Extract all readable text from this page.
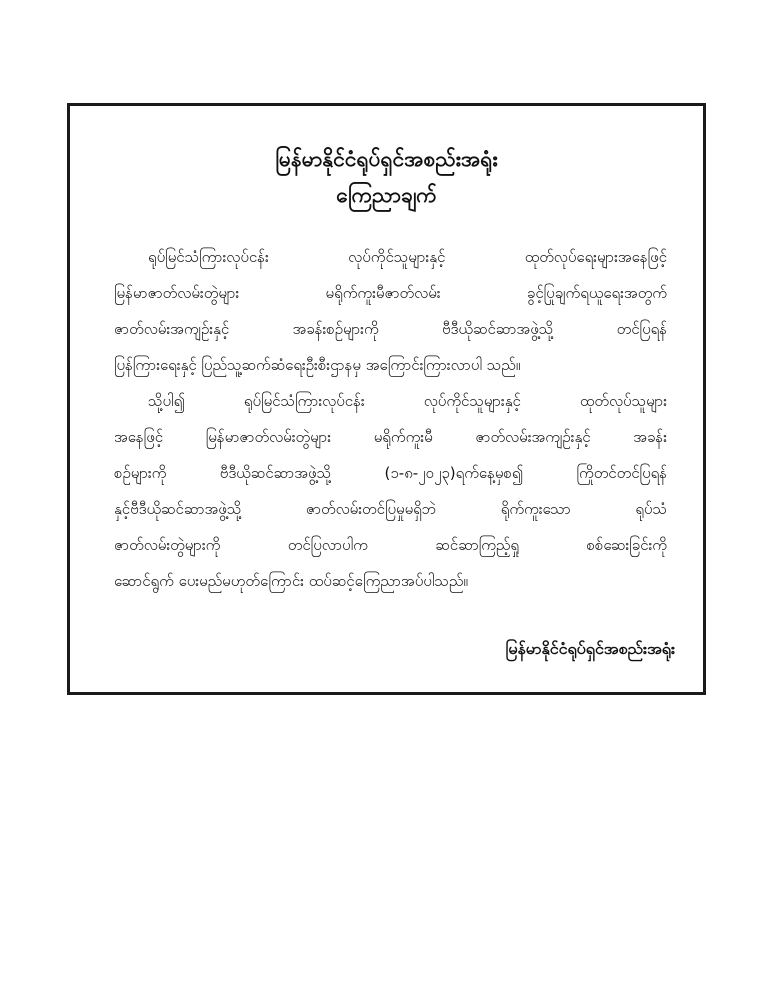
မြန်မာနိုင်ငံရုပ်ရှင်အစည်းအရုံး
ကြေညာချက်
ရုပ်မြင်သံကြားလုပ်ငန်း လုပ်ကိုင်သူများနှင့် ထုတ်လုပ်ရေးများအနေဖြင့်
မြန်မာဇာတ်လမ်းတွဲများ မရိုက်ကူးမီဇာတ်လမ်း ခွင့်ပြုချက်ရယူရေးအတွက်
ဇာတ်လမ်းအကျဉ်းနှင့် အခန်းစဉ်များကို ဗီဒီယိုဆင်ဆာအဖွဲ့သို့ တင်ပြရန်
ပြန်ကြားရေးနှင့် ပြည်သူ့ဆက်ဆံရေးဦးစီးဌာနမှ အကြောင်းကြားလာပါ သည်။
သို့ပါ၍ ရုပ်မြင်သံကြားလုပ်ငန်း လုပ်ကိုင်သူများနှင့် ထုတ်လုပ်သူများ
အနေဖြင့် မြန်မာဇာတ်လမ်းတွဲများ မရိုက်ကူးမီ ဇာတ်လမ်းအကျဉ်းနှင့် အခန်း
စဉ်များကို ဗီဒီယိုဆင်ဆာအဖွဲ့သို့ (၁-၈-၂၀၂၃)ရက်နေ့မှစ၍ ကြိုတင်တင်ပြရန်
နှင့်ဗီဒီယိုဆင်ဆာအဖွဲ့သို့ ဇာတ်လမ်းတင်ပြမှုမရှိဘဲ ရိုက်ကူးသော ရုပ်သံ
ဇာတ်လမ်းတွဲများကို တင်ပြလာပါက ဆင်ဆာကြည့်ရှု စစ်ဆေးခြင်းကို
ဆောင်ရွက် ပေးမည်မဟုတ်ကြောင်း ထပ်ဆင့်ကြေညာအပ်ပါသည်။
မြန်မာနိုင်ငံရုပ်ရှင်အစည်းအရုံး
